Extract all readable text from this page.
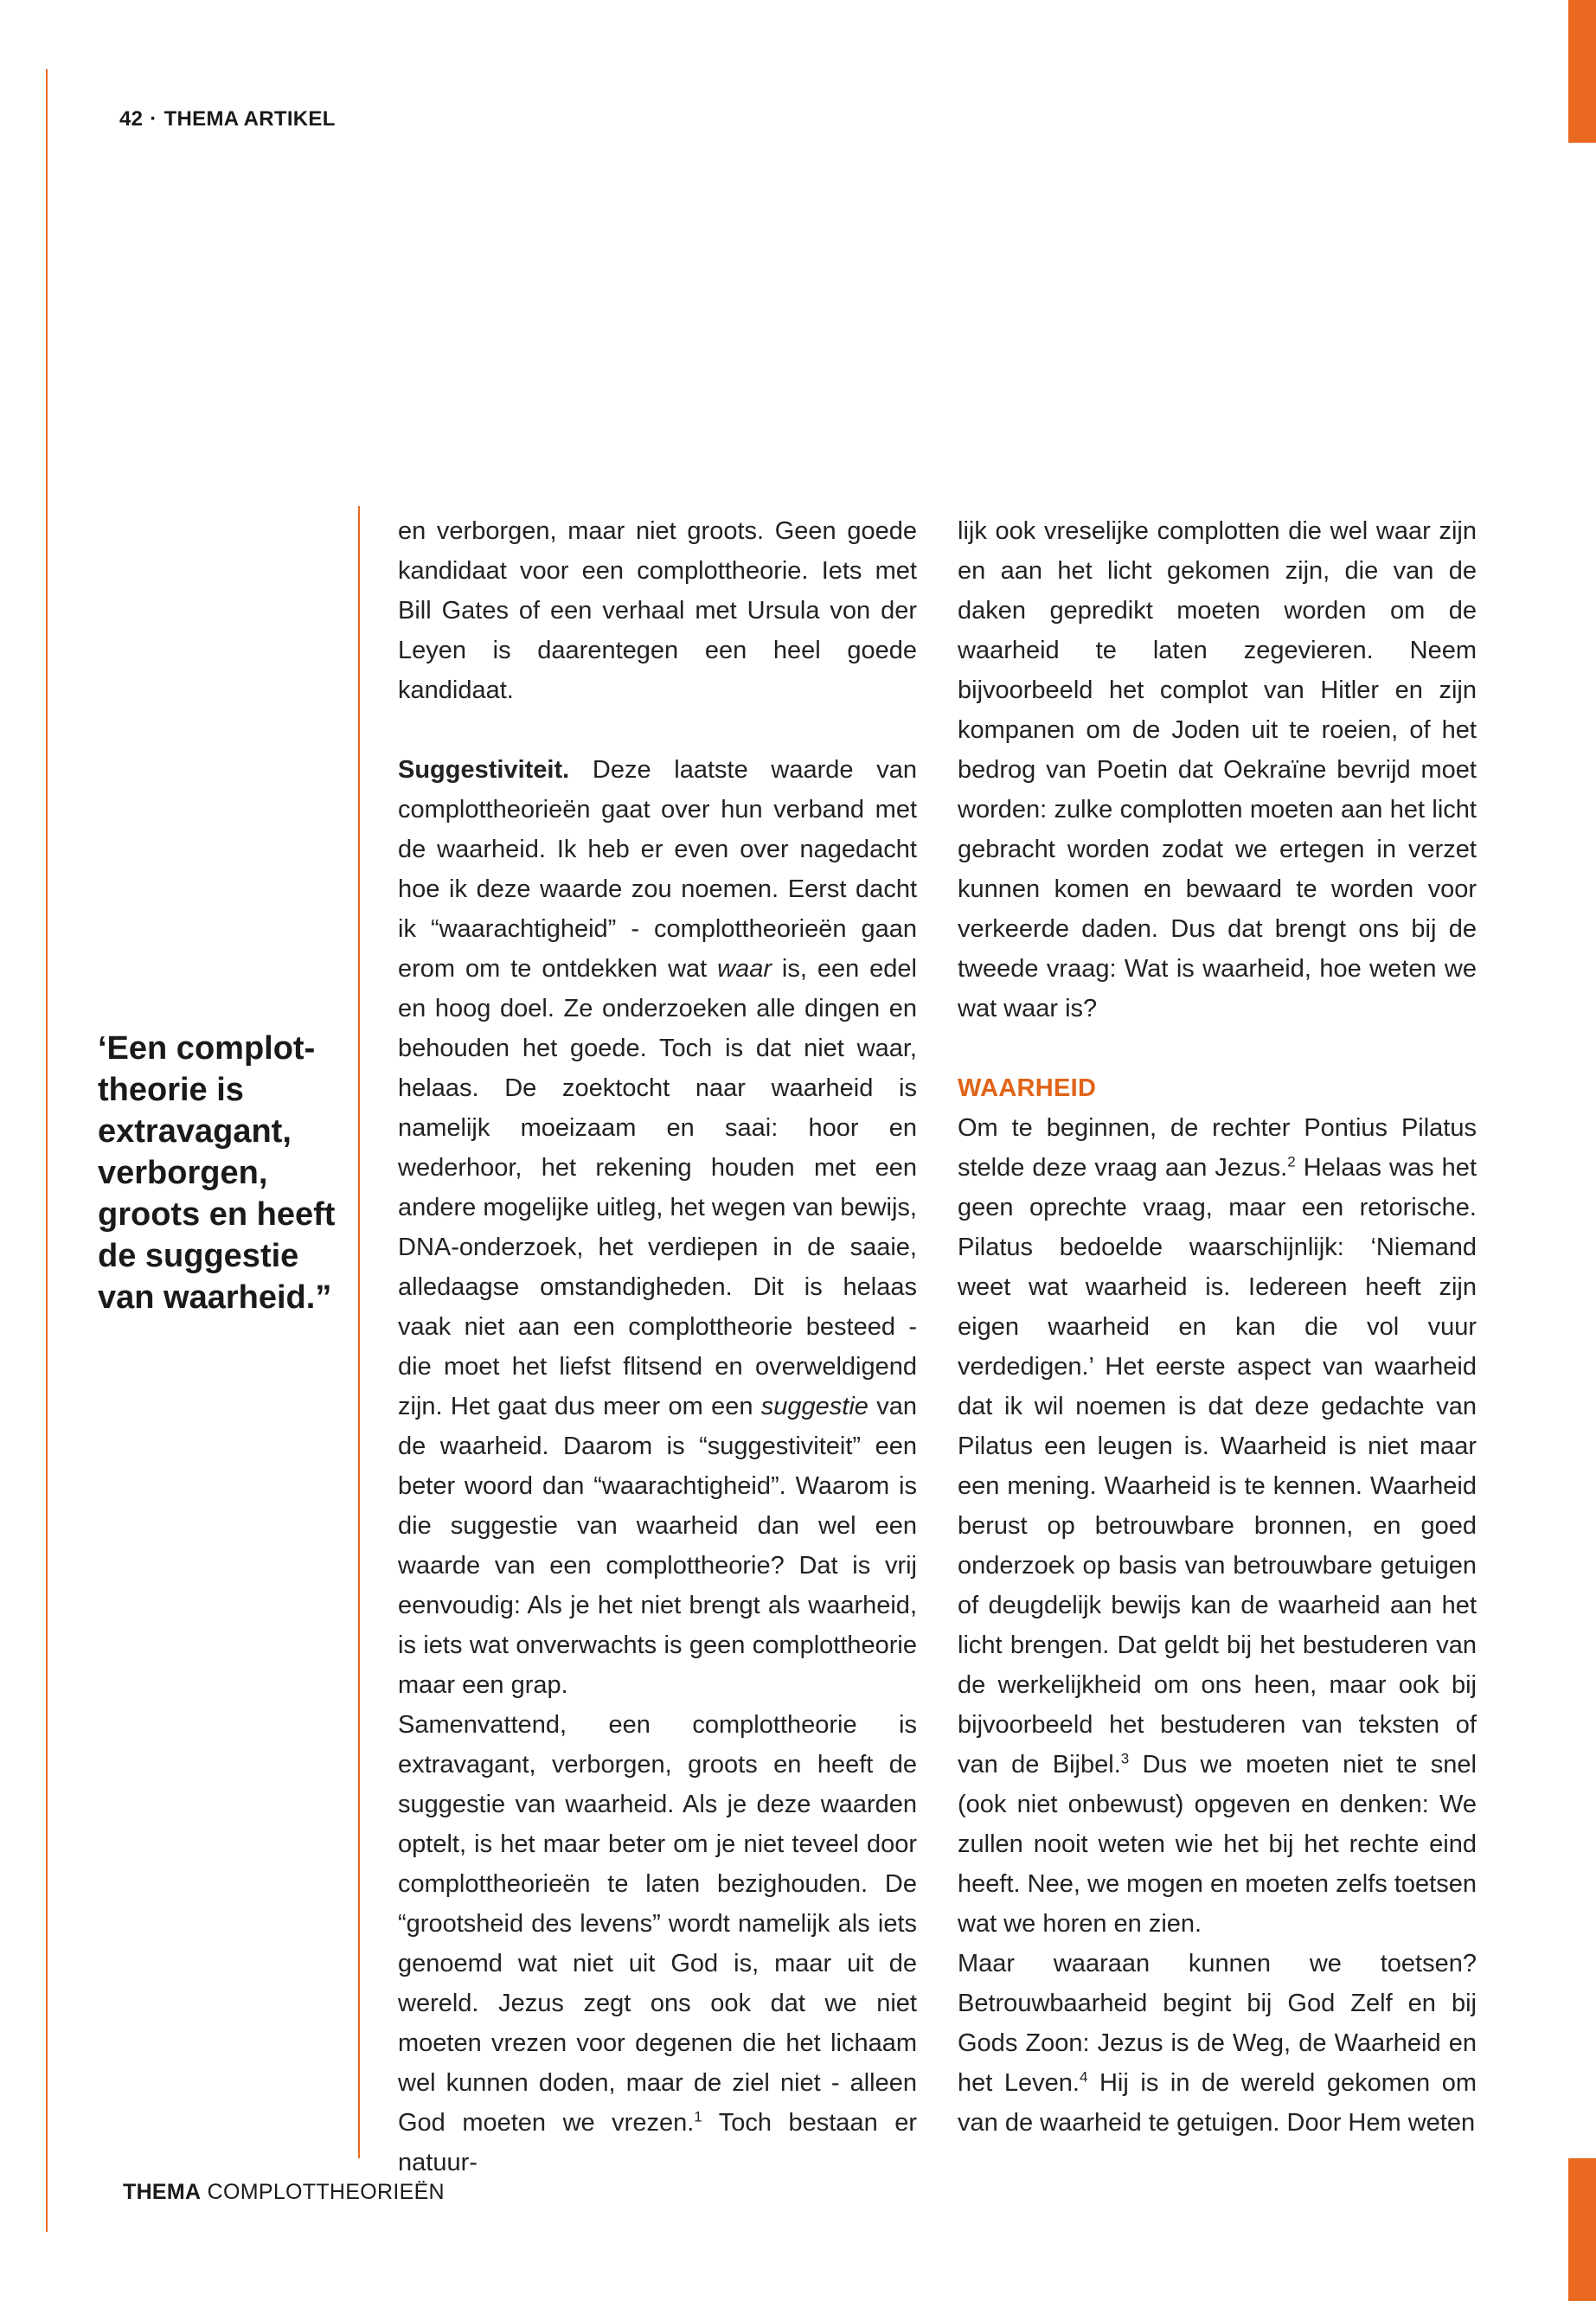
42 · THEMA ARTIKEL
‘Een complottheorie is extravagant, verborgen, groots en heeft de suggestie van waarheid.”

en verborgen, maar niet groots. Geen goede kandidaat voor een complottheorie. Iets met Bill Gates of een verhaal met Ursula von der Leyen is daarentegen een heel goede kandidaat.

Suggestiviteit. Deze laatste waarde van complottheorieën gaat over hun verband met de waarheid. Ik heb er even over nagedacht hoe ik deze waarde zou noemen. Eerst dacht ik “waarachtigheid” - complottheorieën gaan erom om te ontdekken wat waar is, een edel en hoog doel. Ze onderzoeken alle dingen en behouden het goede. Toch is dat niet waar, helaas. De zoektocht naar waarheid is namelijk moeizaam en saai: hoor en wederhoor, het rekening houden met een andere mogelijke uitleg, het wegen van bewijs, DNA-onderzoek, het verdiepen in de saaie, alledaagse omstandigheden. Dit is helaas vaak niet aan een complottheorie besteed - die moet het liefst flitsend en overweldigend zijn. Het gaat dus meer om een suggestie van de waarheid. Daarom is “suggestiviteit” een beter woord dan “waarachtigheid”. Waarom is die suggestie van waarheid dan wel een waarde van een complottheorie? Dat is vrij eenvoudig: Als je het niet brengt als waarheid, is iets wat onverwachts is geen complottheorie maar een grap.

Samenvattend, een complottheorie is extravagant, verborgen, groots en heeft de suggestie van waarheid. Als je deze waarden optelt, is het maar beter om je niet teveel door complottheorieën te laten bezighouden. De “grootsheid des levens” wordt namelijk als iets genoemd wat niet uit God is, maar uit de wereld. Jezus zegt ons ook dat we niet moeten vrezen voor degenen die het lichaam wel kunnen doden, maar de ziel niet - alleen God moeten we vrezen.$^1$ Toch bestaan er natuur-

lijk ook vreselijke complotten die wel waar zijn en aan het licht gekomen zijn, die van de daken gepredikt moeten worden om de waarheid te laten zegevieren. Neem bijvoorbeeld het complot van Hitler en zijn kompanen om de Joden uit te roeien, of het bedrog van Poetin dat Oekraïne bevrijd moet worden: zulke complotten moeten aan het licht gebracht worden zodat we ertegen in verzet kunnen komen en bewaard te worden voor verkeerde daden. Dus dat brengt ons bij de tweede vraag: Wat is waarheid, hoe weten we wat waar is?

WAARHEID

Om te beginnen, de rechter Pontius Pilatus stelde deze vraag aan Jezus.$^2$ Helaas was het geen oprechte vraag, maar een retorische. Pilatus bedoelde waarschijnlijk: ‘Niemand weet wat waarheid is. Iedereen heeft zijn eigen waarheid en kan die vol vuur verdedigen.’ Het eerste aspect van waarheid dat ik wil noemen is dat deze gedachte van Pilatus een leugen is. Waarheid is niet maar een mening. Waarheid is te kennen. Waarheid berust op betrouwbare bronnen, en goed onderzoek op basis van betrouwbare getuigen of deugdelijk bewijs kan de waarheid aan het licht brengen. Dat geldt bij het bestuderen van de werkelijkheid om ons heen, maar ook bij bijvoorbeeld het bestuderen van teksten of van de Bijbel.$^3$ Dus we moeten niet te snel (ook niet onbewust) opgeven en denken: We zullen nooit weten wie het bij het rechte eind heeft. Nee, we mogen en moeten zelfs toetsen wat we horen en zien.

Maar waaraan kunnen we toetsen? Betrouwbaarheid begint bij God Zelf en bij Gods Zoon: Jezus is de Weg, de Waarheid en het Leven.$^4$ Hij is in de wereld gekomen om van de waarheid te getuigen. Door Hem weten

THEMA COMPLOTTHEORIEËN
